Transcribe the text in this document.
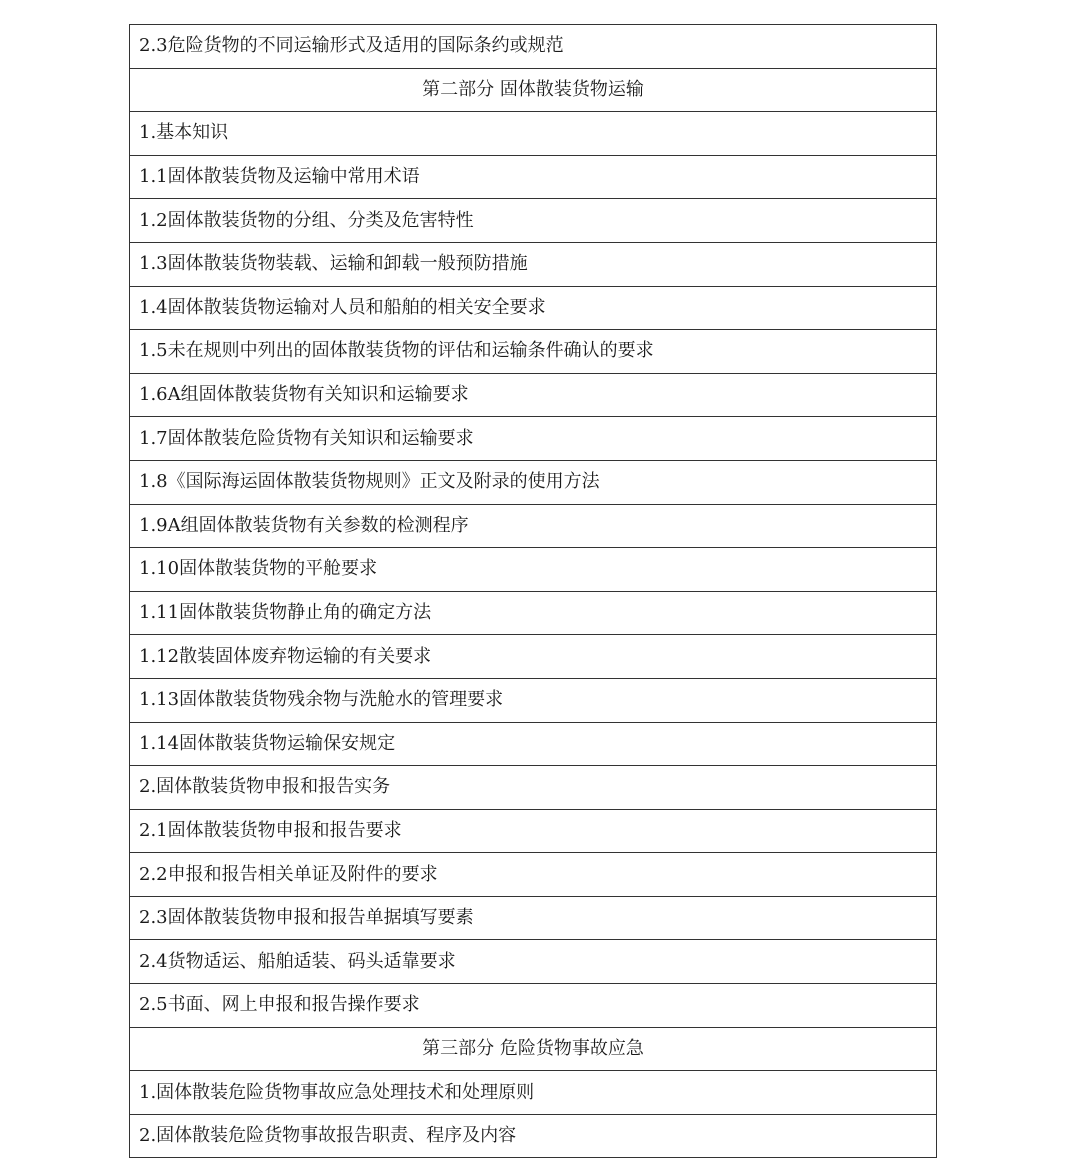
2.3危险货物的不同运输形式及适用的国际条约或规范
第二部分 固体散装货物运输
1.基本知识
1.1固体散装货物及运输中常用术语
1.2固体散装货物的分组、分类及危害特性
1.3固体散装货物装载、运输和卸载一般预防措施
1.4固体散装货物运输对人员和船舶的相关安全要求
1.5未在规则中列出的固体散装货物的评估和运输条件确认的要求
1.6A组固体散装货物有关知识和运输要求
1.7固体散装危险货物有关知识和运输要求
1.8《国际海运固体散装货物规则》正文及附录的使用方法
1.9A组固体散装货物有关参数的检测程序
1.10固体散装货物的平舱要求
1.11固体散装货物静止角的确定方法
1.12散装固体废弃物运输的有关要求
1.13固体散装货物残余物与洗舱水的管理要求
1.14固体散装货物运输保安规定
2.固体散装货物申报和报告实务
2.1固体散装货物申报和报告要求
2.2申报和报告相关单证及附件的要求
2.3固体散装货物申报和报告单据填写要素
2.4货物适运、船舶适装、码头适靠要求
2.5书面、网上申报和报告操作要求
第三部分 危险货物事故应急
1.固体散装危险货物事故应急处理技术和处理原则
2.固体散装危险货物事故报告职责、程序及内容
